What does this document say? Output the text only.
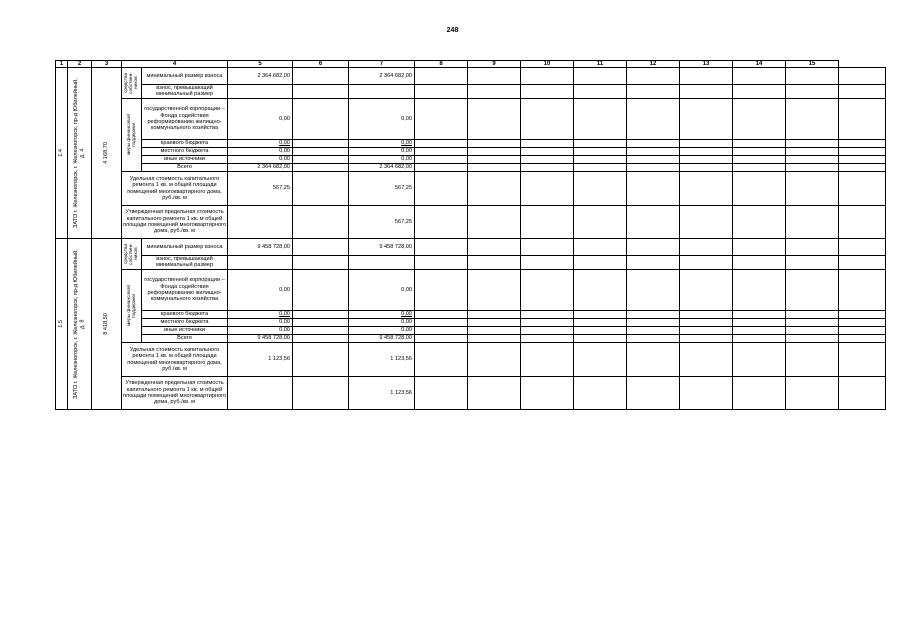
248
1	2	3	4		5	6	7	8	9	10	11	12	13	14	15	

1.4	ЗАТО г. Железногорск, г. Железногорск, пр-д Юбилейный, д. 4	4 168,70	средства собствен-ников	минимальный размер взноса	2 364 682,00		2 364 682,00									
				взнос, превышающий минимальный размер												

			меры финансовой поддержки	государственной корпорации – Фонда содействия реформированию жилищно-коммунального хозяйства	0,00		0,00									
				краевого бюджета	0,00		0,00									
				местного бюджета	0,00		0,00									
				иные источники	0,00		0,00									
				Всего	2 364 682,00		2 364 682,00									
			Удельная стоимость капитального ремонта 1 кв. м общей площади помещений многоквартирного дома, руб./кв. м		567,25		567,25									
			Утвержденная предельная стоимость капитального ремонта 1 кв. м общей площади помещений многоквартирного дома, руб./кв. м				567,25									

1.5	ЗАТО г. Железногорск, г. Железногорск, пр-д Юбилейный, д. 8	8 418,50	средства собствен-ников	минимальный размер взноса	9 458 728,00		9 458 728,00									
				взнос, превышающий минимальный размер												

			меры финансовой поддержки	государственной корпорации – Фонда содействия реформированию жилищно-коммунального хозяйства	0,00		0,00									
				краевого бюджета	0,00		0,00									
				местного бюджета	0,00		0,00									
				иные источники	0,00		0,00									
				Всего	9 458 728,00		9 458 728,00									
			Удельная стоимость капитального ремонта 1 кв. м общей площади помещений многоквартирного дома, руб./кв. м		1 123,56		1 123,56									
			Утвержденная предельная стоимость капитального ремонта 1 кв. м общей площади помещений многоквартирного дома, руб./кв. м				1 123,56									
